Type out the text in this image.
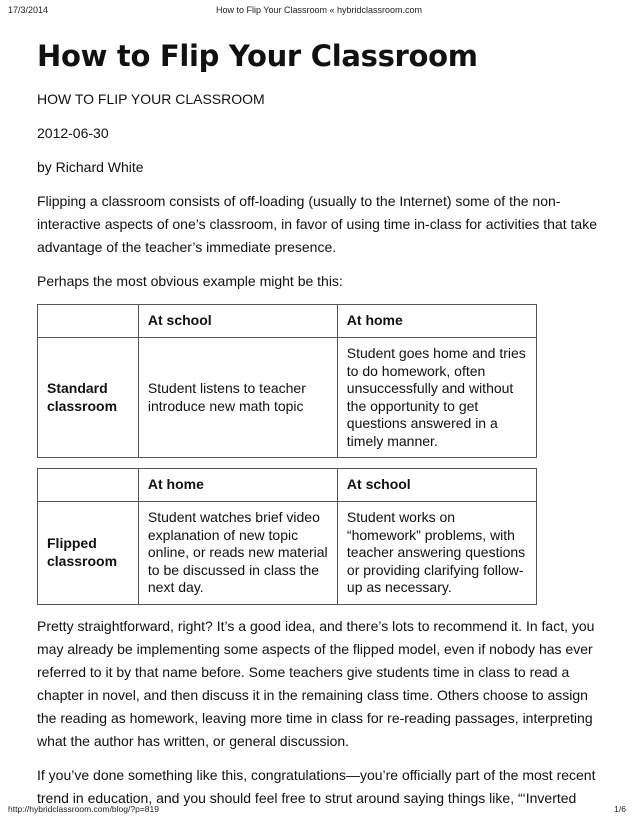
17/3/2014	How to Flip Your Classroom « hybridclassroom.com
How to Flip Your Classroom

HOW TO FLIP YOUR CLASSROOM

2012-06-30

by Richard White

Flipping a classroom consists of off-loading (usually to the Internet) some of the non-interactive aspects of one’s classroom, in favor of using time in-class for activities that take advantage of the teacher’s immediate presence.

Perhaps the most obvious example might be this:

	At school	At home
Standard classroom	Student listens to teacher introduce new math topic	Student goes home and tries to do homework, often unsuccessfully and without the opportunity to get questions answered in a timely manner.
	At home	At school
Flipped classroom	Student watches brief video explanation of new topic online, or reads new material to be discussed in class the next day.	Student works on “homework” problems, with teacher answering questions or providing clarifying follow-up as necessary.

Pretty straightforward, right? It’s a good idea, and there’s lots to recommend it. In fact, you may already be implementing some aspects of the flipped model, even if nobody has ever referred to it by that name before. Some teachers give students time in class to read a chapter in novel, and then discuss it in the remaining class time. Others choose to assign the reading as homework, leaving more time in class for re-reading passages, interpreting what the author has written, or general discussion.

If you’ve done something like this, congratulations—you’re officially part of the most recent trend in education, and you should feel free to strut around saying things like, “‘Inverted

http://hybridclassroom.com/blog/?p=819	1/6
